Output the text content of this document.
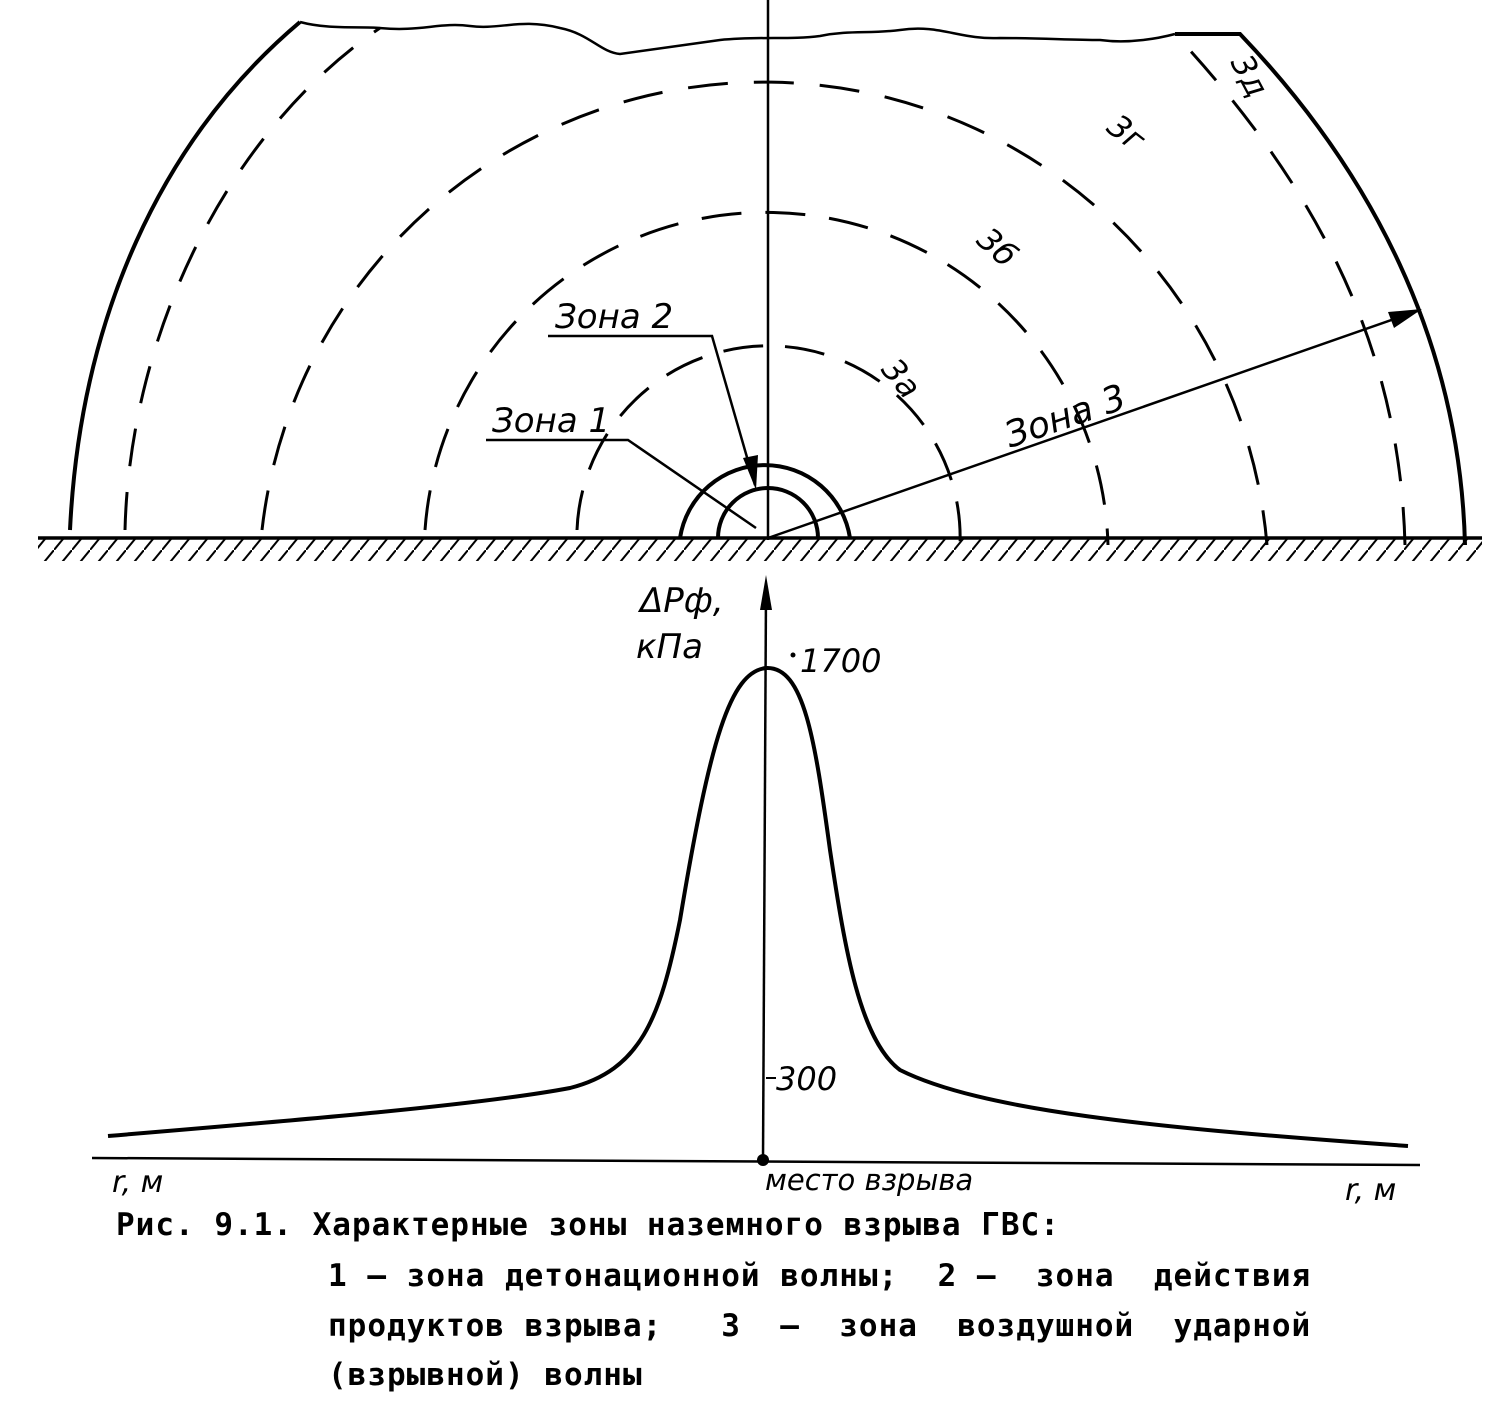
Зона 2
Зона 1	Зона 3
3а
3б
3г
3д
ΔPф,
кПа	1700
300
r, м	r, м
место взрыва
Рис. 9.1. Характерные зоны наземного взрыва ГВС:
1 – зона детонационной волны;  2 –  зона  действия
продуктов взрыва;   3  –  зона  воздушной  ударной
(взрывной) волны
